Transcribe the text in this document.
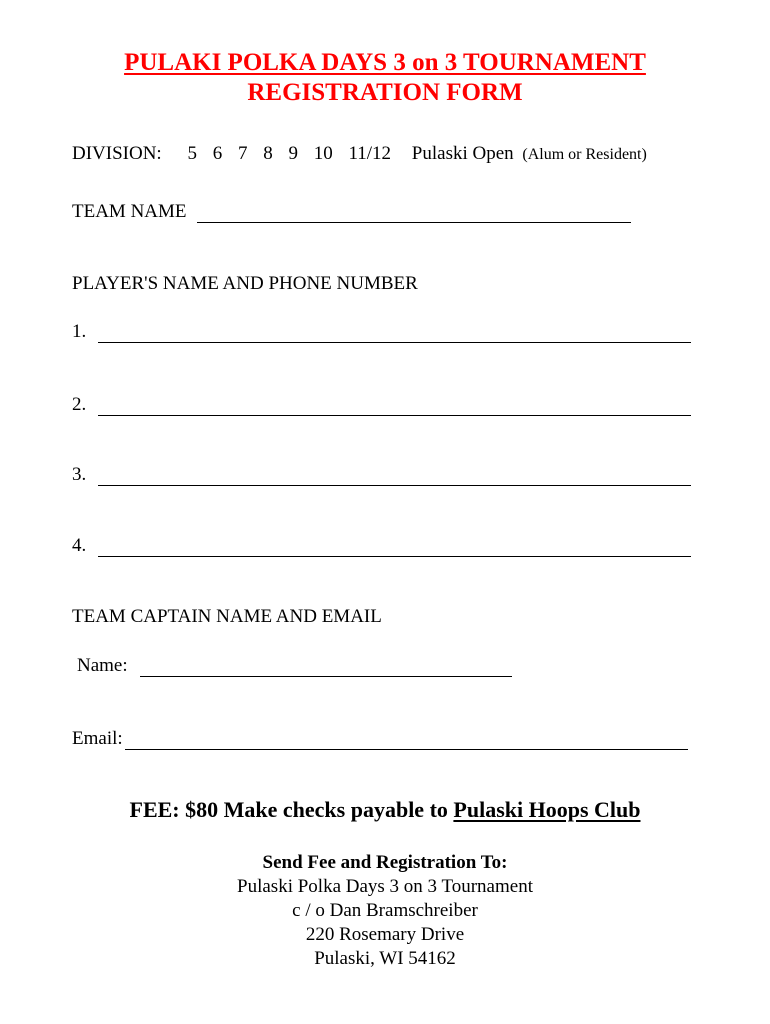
PULAKI POLKA DAYS 3 on 3 TOURNAMENT
REGISTRATION FORM
DIVISION: 5 6 7 8 9 10 11/12 Pulaski Open (Alum or Resident)
TEAM NAME
PLAYER'S NAME AND PHONE NUMBER
1.
2.
3.
4.
TEAM CAPTAIN NAME AND EMAIL
Name:
Email:
FEE: $80 Make checks payable to Pulaski Hoops Club
Send Fee and Registration To:
Pulaski Polka Days 3 on 3 Tournament
c / o Dan Bramschreiber
220 Rosemary Drive
Pulaski, WI 54162
